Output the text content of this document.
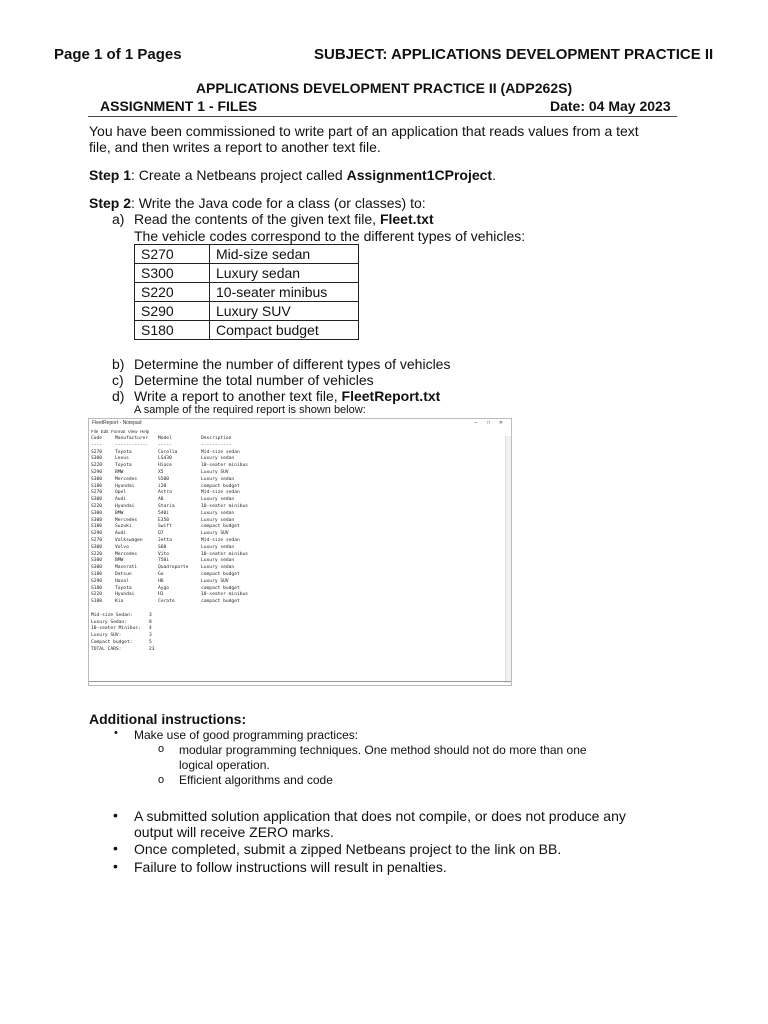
Page 1 of 1 Pages	SUBJECT: APPLICATIONS DEVELOPMENT PRACTICE II
APPLICATIONS DEVELOPMENT PRACTICE II (ADP262S)
ASSIGNMENT 1 - FILES	Date: 04 May 2023
You have been commissioned to write part of an application that reads values from a text
file, and then writes a report to another text file.
Step 1: Create a Netbeans project called Assignment1CProject.
Step 2: Write the Java code for a class (or classes) to:
a) Read the contents of the given text file, Fleet.txt
The vehicle codes correspond to the different types of vehicles:
S270	Mid-size sedan
S300	Luxury sedan
S220	10-seater minibus
S290	Luxury SUV
S180	Compact budget
b) Determine the number of different types of vehicles
c) Determine the total number of vehicles
d) Write a report to another text file, FleetReport.txt
A sample of the required report is shown below:
FleetReport - Notepad	– □ ✕
File Edit Format View Help
Code	Manufacturer Model	Description
----	------------ -----	-----------
S270	Toyota	Corolla	Mid-size sedan
S300	Lexus	LS430	Luxury sedan
S220	Toyota	Hiace	10-seater minibus
S290	BMW	X5	Luxury SUV
S300	Mercedes	S500	Luxury sedan
S180	Hyundai	i20	compact budget
S270	Opel	Astra	Mid-size sedan
S300	Audi	A8	Luxury sedan
S220	Hyundai	Staria	10-seater minibus
S300	BMW	540i	Luxury sedan
S300	Mercedes	E350	Luxury sedan
S180	Suzuki	Swift	compact budget
S290	Audi	Q7	Luxury SUV
S270	Volkswagen	Jetta	Mid-size sedan
S300	Volvo	S60	Luxury sedan
S220	Mercedes	Vito	10-seater minibus
S300	BMW	750i	Luxury sedan
S300	Maserati	Quadroporte	Luxury sedan
S180	Datsun	Go	compact budget
S290	Haval	H6	Luxury SUV
S180	Toyota	Aygo	compact budget
S220	Hyundai	H1	10-seater minibus
S180	Kia	Cerato	compact budget

Mid-size Sedan:	3
Luxury Sedan:	8
10-seater Minibus: 4
Luxury SUV:	3
Compact budget:	5
TOTAL CARS:	23
Additional instructions:
• Make use of good programming practices:
o modular programming techniques. One method should not do more than one
logical operation.
o Efficient algorithms and code
• A submitted solution application that does not compile, or does not produce any
output will receive ZERO marks.
• Once completed, submit a zipped Netbeans project to the link on BB.
• Failure to follow instructions will result in penalties.
